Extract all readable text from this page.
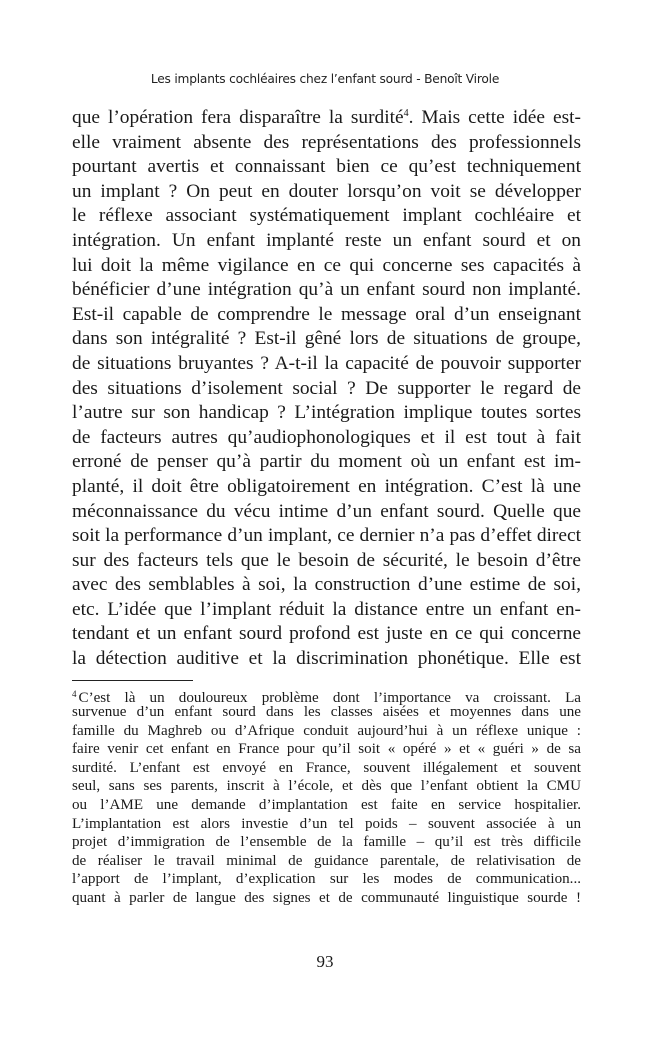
Les implants cochléaires chez l’enfant sourd - Benoît Virole
que l’opération fera disparaître la surdité$^4$. Mais cette idée est-
elle vraiment absente des représentations des professionnels
pourtant avertis et connaissant bien ce qu’est techniquement
un implant ? On peut en douter lorsqu’on voit se développer
le réflexe associant systématiquement implant cochléaire et
intégration. Un enfant implanté reste un enfant sourd et on
lui doit la même vigilance en ce qui concerne ses capacités à
bénéficier d’une intégration qu’à un enfant sourd non implanté.
Est-il capable de comprendre le message oral d’un enseignant
dans son intégralité ? Est-il gêné lors de situations de groupe,
de situations bruyantes ? A-t-il la capacité de pouvoir supporter
des situations d’isolement social ? De supporter le regard de
l’autre sur son handicap ? L’intégration implique toutes sortes
de facteurs autres qu’audiophonologiques et il est tout à fait
erroné de penser qu’à partir du moment où un enfant est im-
planté, il doit être obligatoirement en intégration. C’est là une
méconnaissance du vécu intime d’un enfant sourd. Quelle que
soit la performance d’un implant, ce dernier n’a pas d’effet direct
sur des facteurs tels que le besoin de sécurité, le besoin d’être
avec des semblables à soi, la construction d’une estime de soi,
etc. L’idée que l’implant réduit la distance entre un enfant en-
tendant et un enfant sourd profond est juste en ce qui concerne
la détection auditive et la discrimination phonétique. Elle est
$^4$ C’est là un douloureux problème dont l’importance va croissant. La
survenue d’un enfant sourd dans les classes aisées et moyennes dans une
famille du Maghreb ou d’Afrique conduit aujourd’hui à un réflexe unique :
faire venir cet enfant en France pour qu’il soit « opéré » et « guéri » de sa
surdité. L’enfant est envoyé en France, souvent illégalement et souvent
seul, sans ses parents, inscrit à l’école, et dès que l’enfant obtient la CMU
ou l’AME une demande d’implantation est faite en service hospitalier.
L’implantation est alors investie d’un tel poids – souvent associée à un
projet d’immigration de l’ensemble de la famille – qu’il est très difficile
de réaliser le travail minimal de guidance parentale, de relativisation de
l’apport de l’implant, d’explication sur les modes de communication...
quant à parler de langue des signes et de communauté linguistique sourde !
93
